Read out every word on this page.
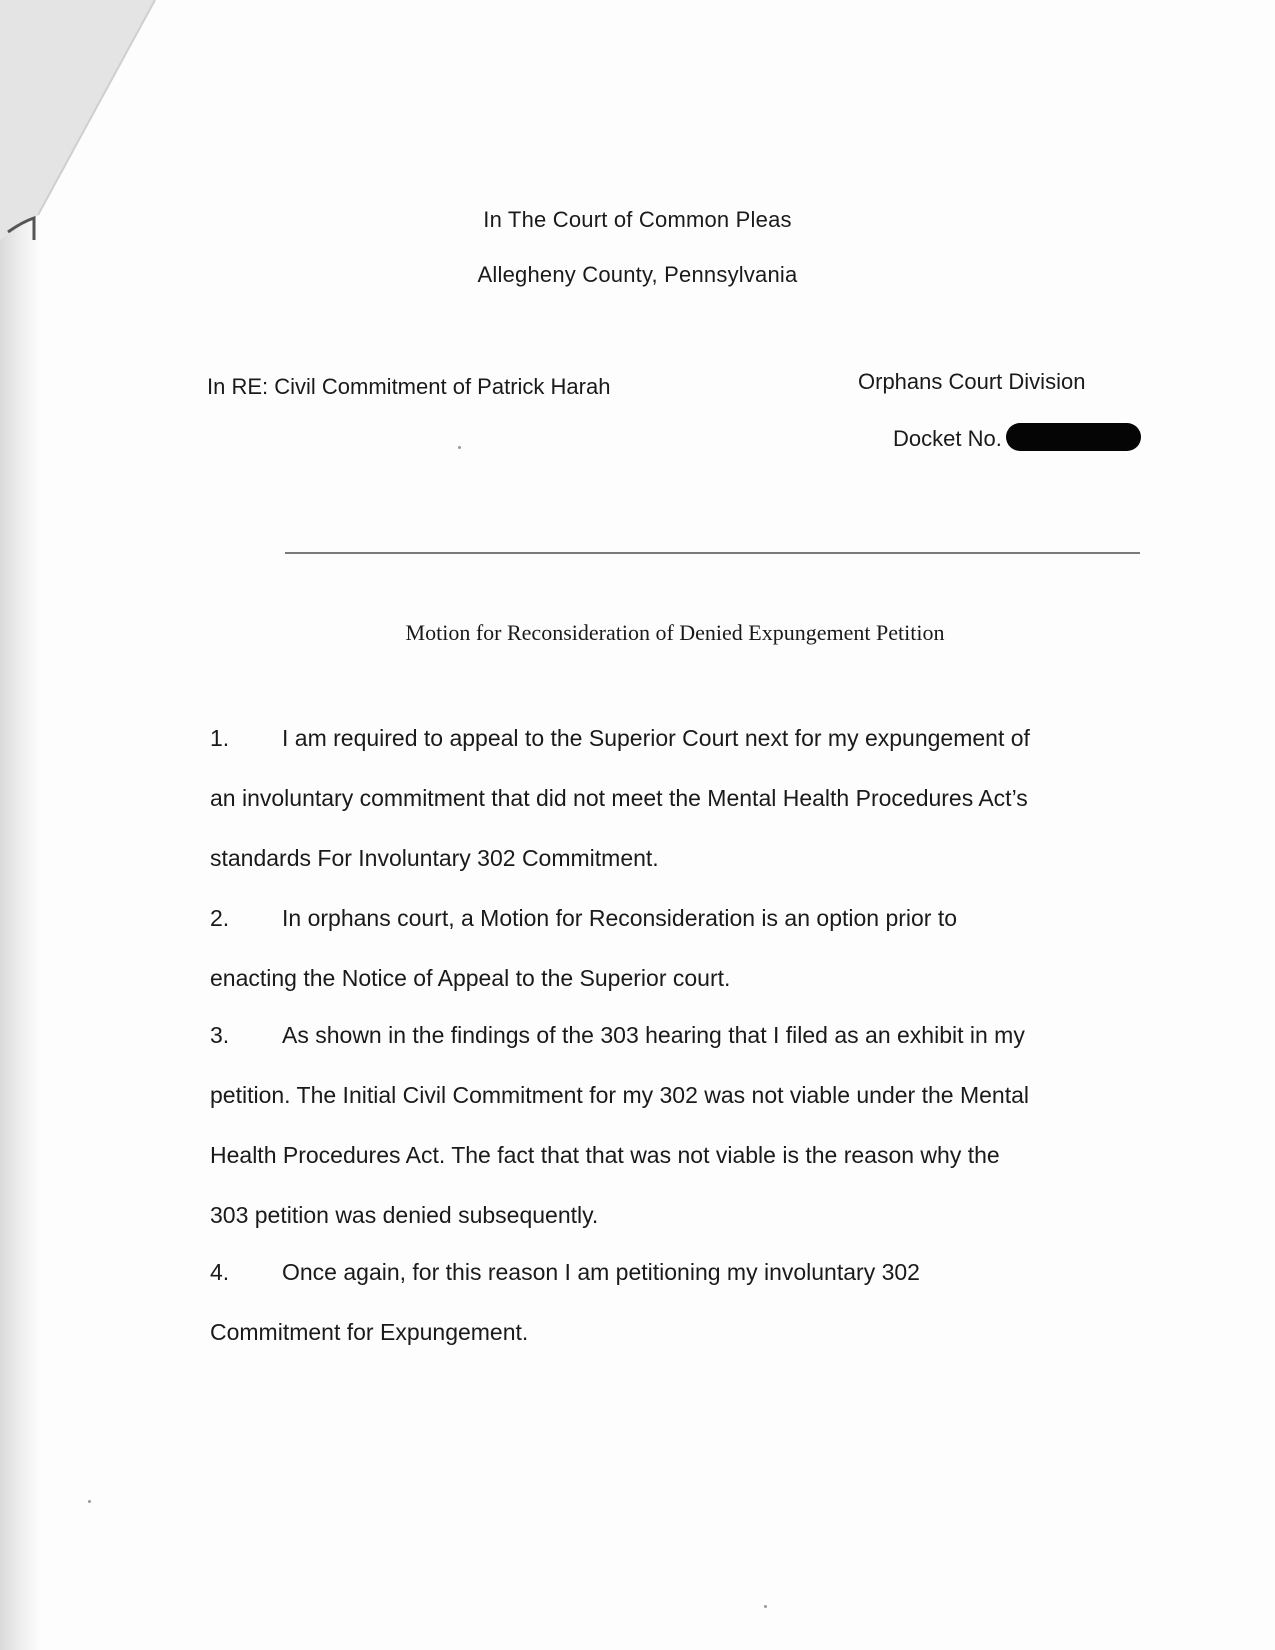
In The Court of Common Pleas
Allegheny County, Pennsylvania
In RE: Civil Commitment of Patrick Harah	Orphans Court Division
Docket No.
Motion for Reconsideration of Denied Expungement Petition
1. I am required to appeal to the Superior Court next for my expungement of
an involuntary commitment that did not meet the Mental Health Procedures Act’s
standards For Involuntary 302 Commitment.
2. In orphans court, a Motion for Reconsideration is an option prior to
enacting the Notice of Appeal to the Superior court.
3. As shown in the findings of the 303 hearing that I filed as an exhibit in my
petition. The Initial Civil Commitment for my 302 was not viable under the Mental
Health Procedures Act. The fact that that was not viable is the reason why the
303 petition was denied subsequently.
4. Once again, for this reason I am petitioning my involuntary 302
Commitment for Expungement.
